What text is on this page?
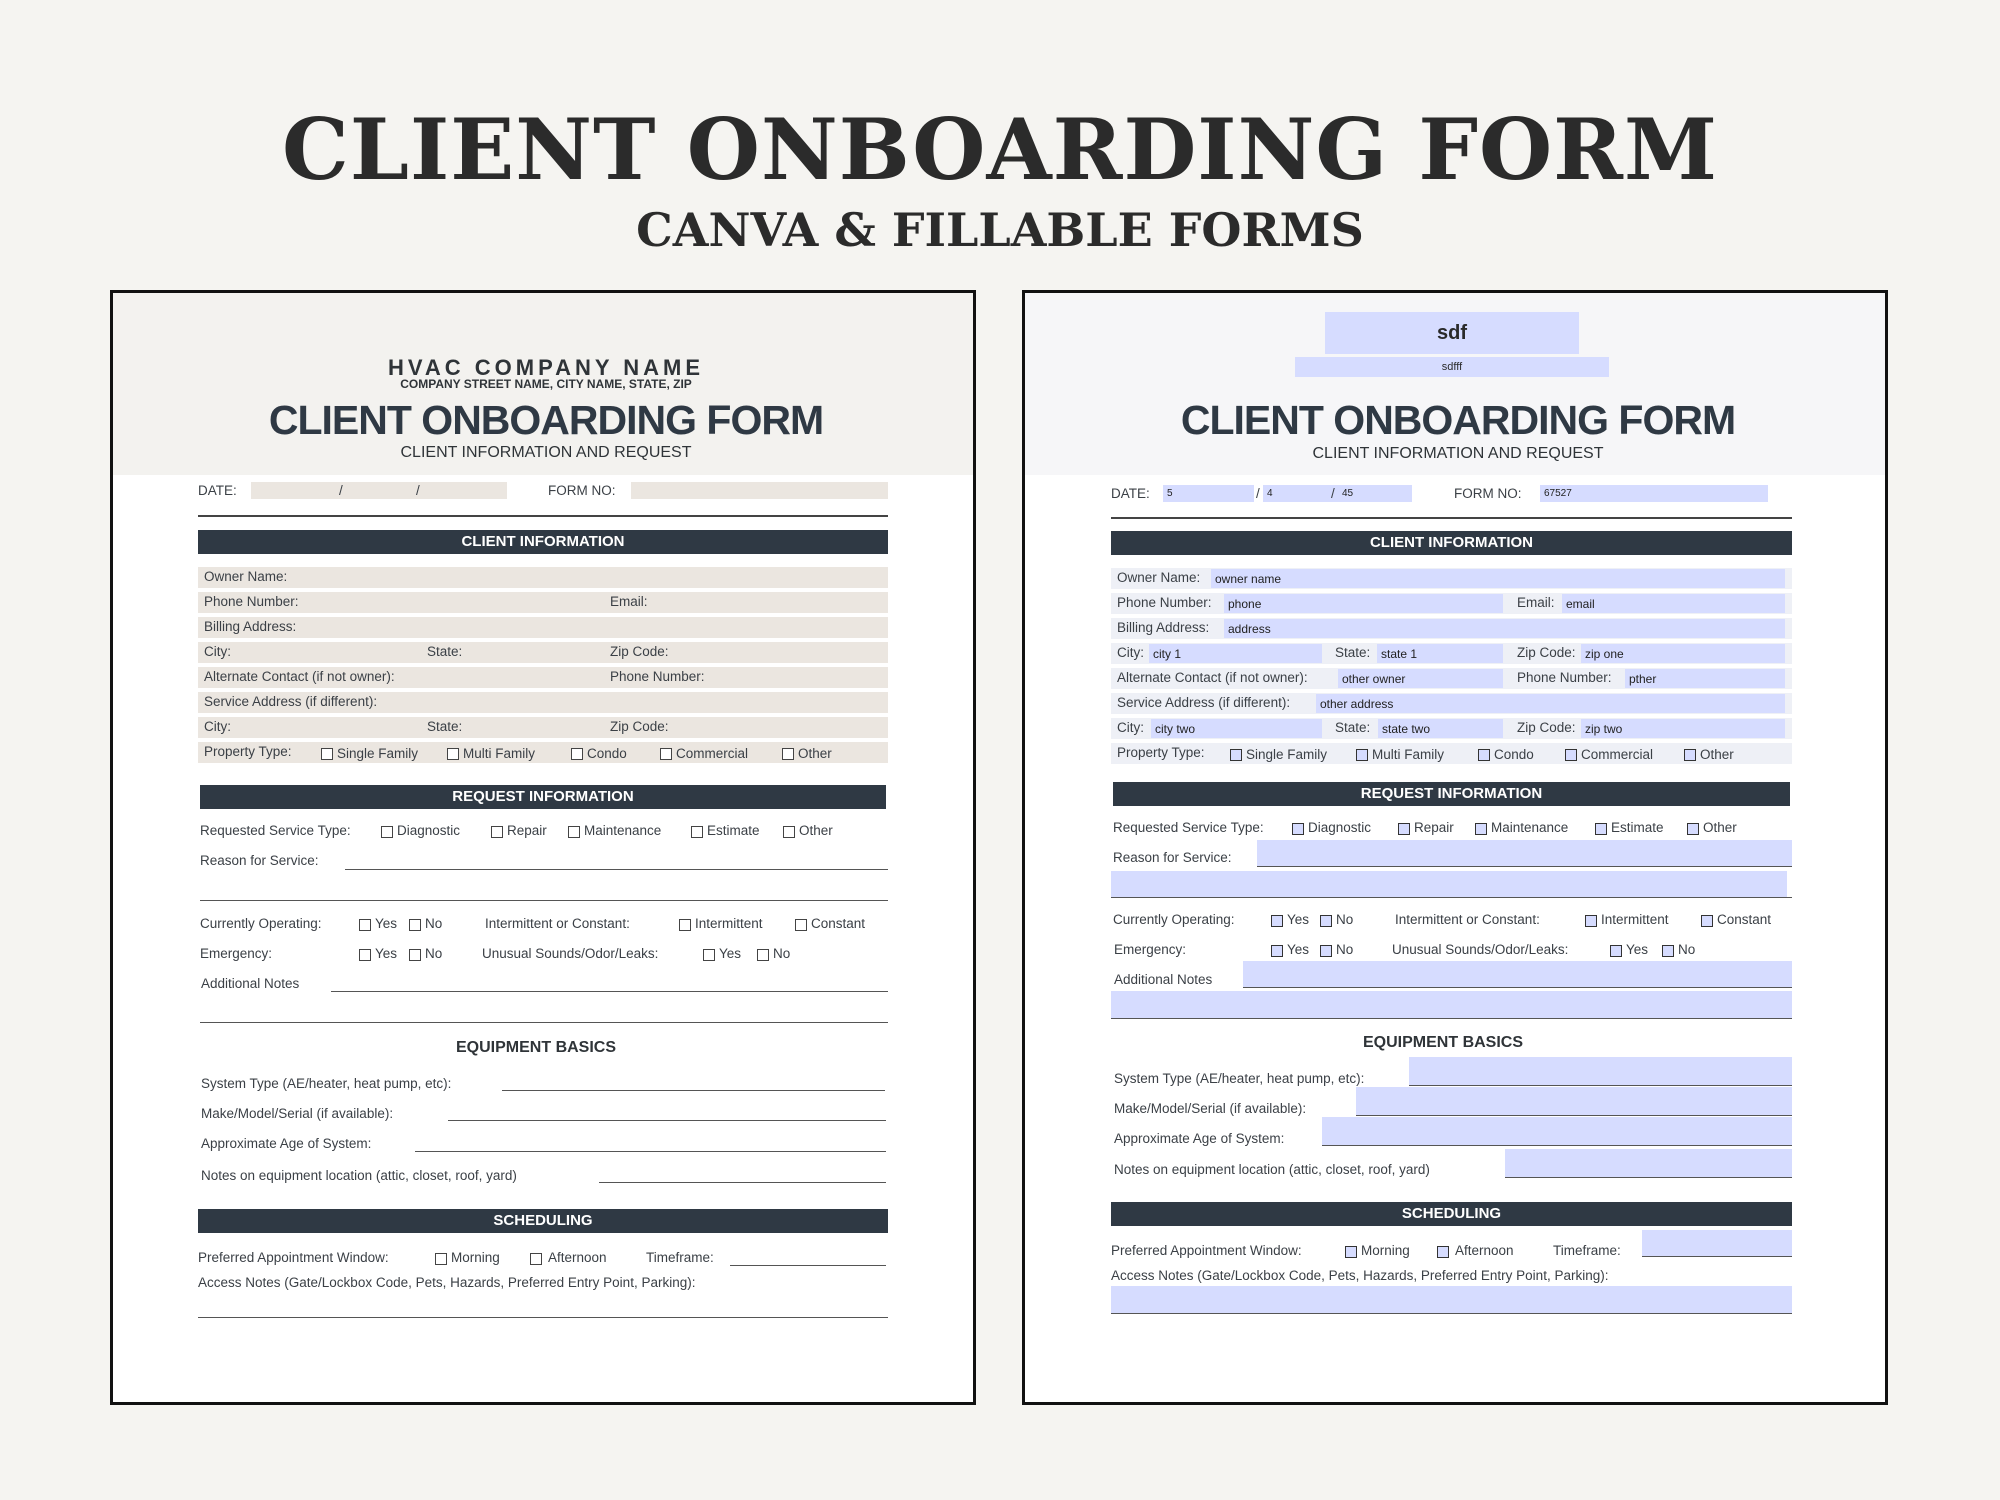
CLIENT ONBOARDING FORM
CANVA & FILLABLE FORMS
HVAC COMPANY NAME
COMPANY STREET NAME, CITY NAME, STATE, ZIP
CLIENT ONBOARDING FORM
CLIENT INFORMATION AND REQUEST
DATE:	/	/	FORM NO:
CLIENT INFORMATION
Owner Name:
Phone Number:	Email:
Billing Address:
City:	State:	Zip Code:
Alternate Contact (if not owner):	Phone Number:
Service Address (if different):
City:	State:	Zip Code:
Property Type:	Single Family	Multi Family	Condo	Commercial	Other
REQUEST INFORMATION
Requested Service Type:	Diagnostic	Repair	Maintenance	Estimate	Other
Reason for Service:
Currently Operating:	Yes No	Intermittent or Constant:	Intermittent	Constant
Emergency:	Yes No	Unusual Sounds/Odor/Leaks:	Yes No
Additional Notes
EQUIPMENT BASICS
System Type (AE/heater, heat pump, etc):
Make/Model/Serial (if available):
Approximate Age of System:
Notes on equipment location (attic, closet, roof, yard)
SCHEDULING
Preferred Appointment Window:	Morning	Afternoon	Timeframe:
Access Notes (Gate/Lockbox Code, Pets, Hazards, Preferred Entry Point, Parking):
sdf
sdfff
CLIENT ONBOARDING FORM
CLIENT INFORMATION AND REQUEST
DATE:	5	/ 4	/ 45	FORM NO:	67527
CLIENT INFORMATION
Owner Name:	owner name
Phone Number:	phone	Email: email
Billing Address:	address
City: city 1	State: state 1	Zip Code: zip one
Alternate Contact (if not owner):	other owner	Phone Number:	pther
Service Address (if different):	other address
City: city two	State: state two	Zip Code: zip two
Property Type:	Single Family	Multi Family	Condo	Commercial	Other
REQUEST INFORMATION
Requested Service Type:	Diagnostic	Repair	Maintenance	Estimate	Other
Reason for Service:
Currently Operating:	Yes No	Intermittent or Constant:	Intermittent	Constant
Emergency:	Yes No	Unusual Sounds/Odor/Leaks:	Yes No
Additional Notes
EQUIPMENT BASICS
System Type (AE/heater, heat pump, etc):
Make/Model/Serial (if available):
Approximate Age of System:
Notes on equipment location (attic, closet, roof, yard)
SCHEDULING
Preferred Appointment Window:	Morning	Afternoon	Timeframe:
Access Notes (Gate/Lockbox Code, Pets, Hazards, Preferred Entry Point, Parking):
